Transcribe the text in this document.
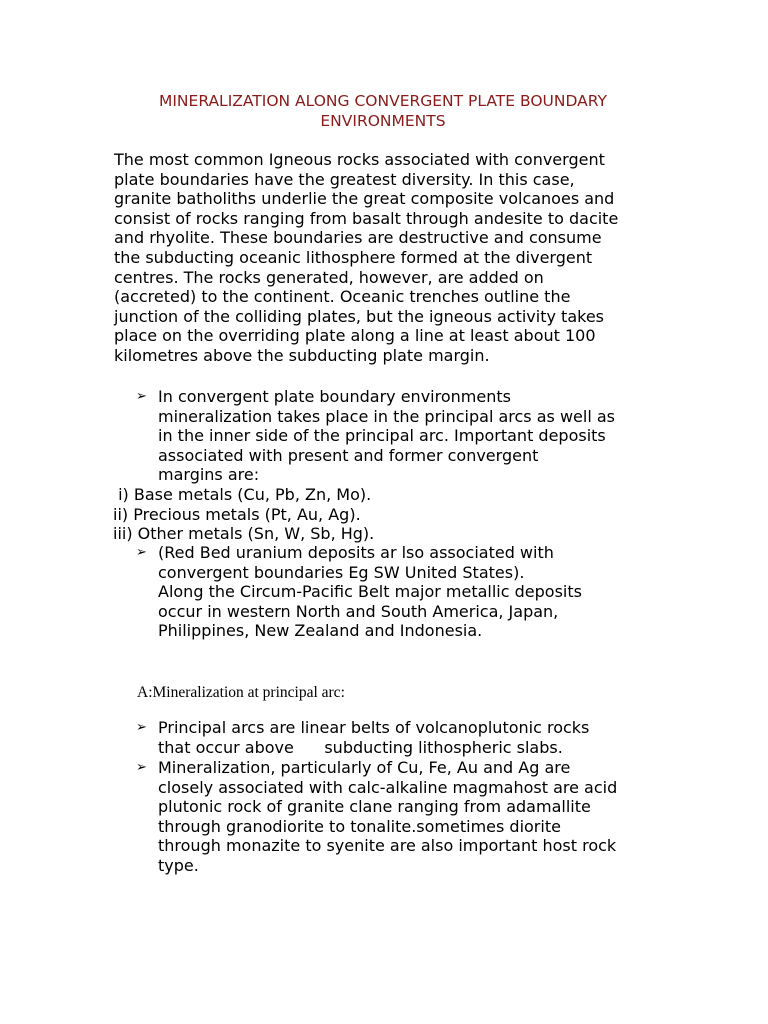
MINERALIZATION ALONG CONVERGENT PLATE BOUNDARY
ENVIRONMENTS
The most common Igneous rocks associated with convergent
plate boundaries have the greatest diversity. In this case,
granite batholiths underlie the great composite volcanoes and
consist of rocks ranging from basalt through andesite to dacite
and rhyolite. These boundaries are destructive and consume
the subducting oceanic lithosphere formed at the divergent
centres. The rocks generated, however, are added on
(accreted) to the continent. Oceanic trenches outline the
junction of the colliding plates, but the igneous activity takes
place on the overriding plate along a line at least about 100
kilometres above the subducting plate margin.
➢ In convergent plate boundary environments
mineralization takes place in the principal arcs as well as
in the inner side of the principal arc. Important deposits
associated with present and former convergent
margins are:
i) Base metals (Cu, Pb, Zn, Mo).
ii) Precious metals (Pt, Au, Ag).
iii) Other metals (Sn, W, Sb, Hg).
➢ (Red Bed uranium deposits ar lso associated with
convergent boundaries Eg SW United States).
Along the Circum-Pacific Belt major metallic deposits
occur in western North and South America, Japan,
Philippines, New Zealand and Indonesia.
A:Mineralization at principal arc:
➢ Principal arcs are linear belts of volcanoplutonic rocks
that occur above      subducting lithospheric slabs.
➢ Mineralization, particularly of Cu, Fe, Au and Ag are
closely associated with calc-alkaline magmahost are acid
plutonic rock of granite clane ranging from adamallite
through granodiorite to tonalite.sometimes diorite
through monazite to syenite are also important host rock
type.
